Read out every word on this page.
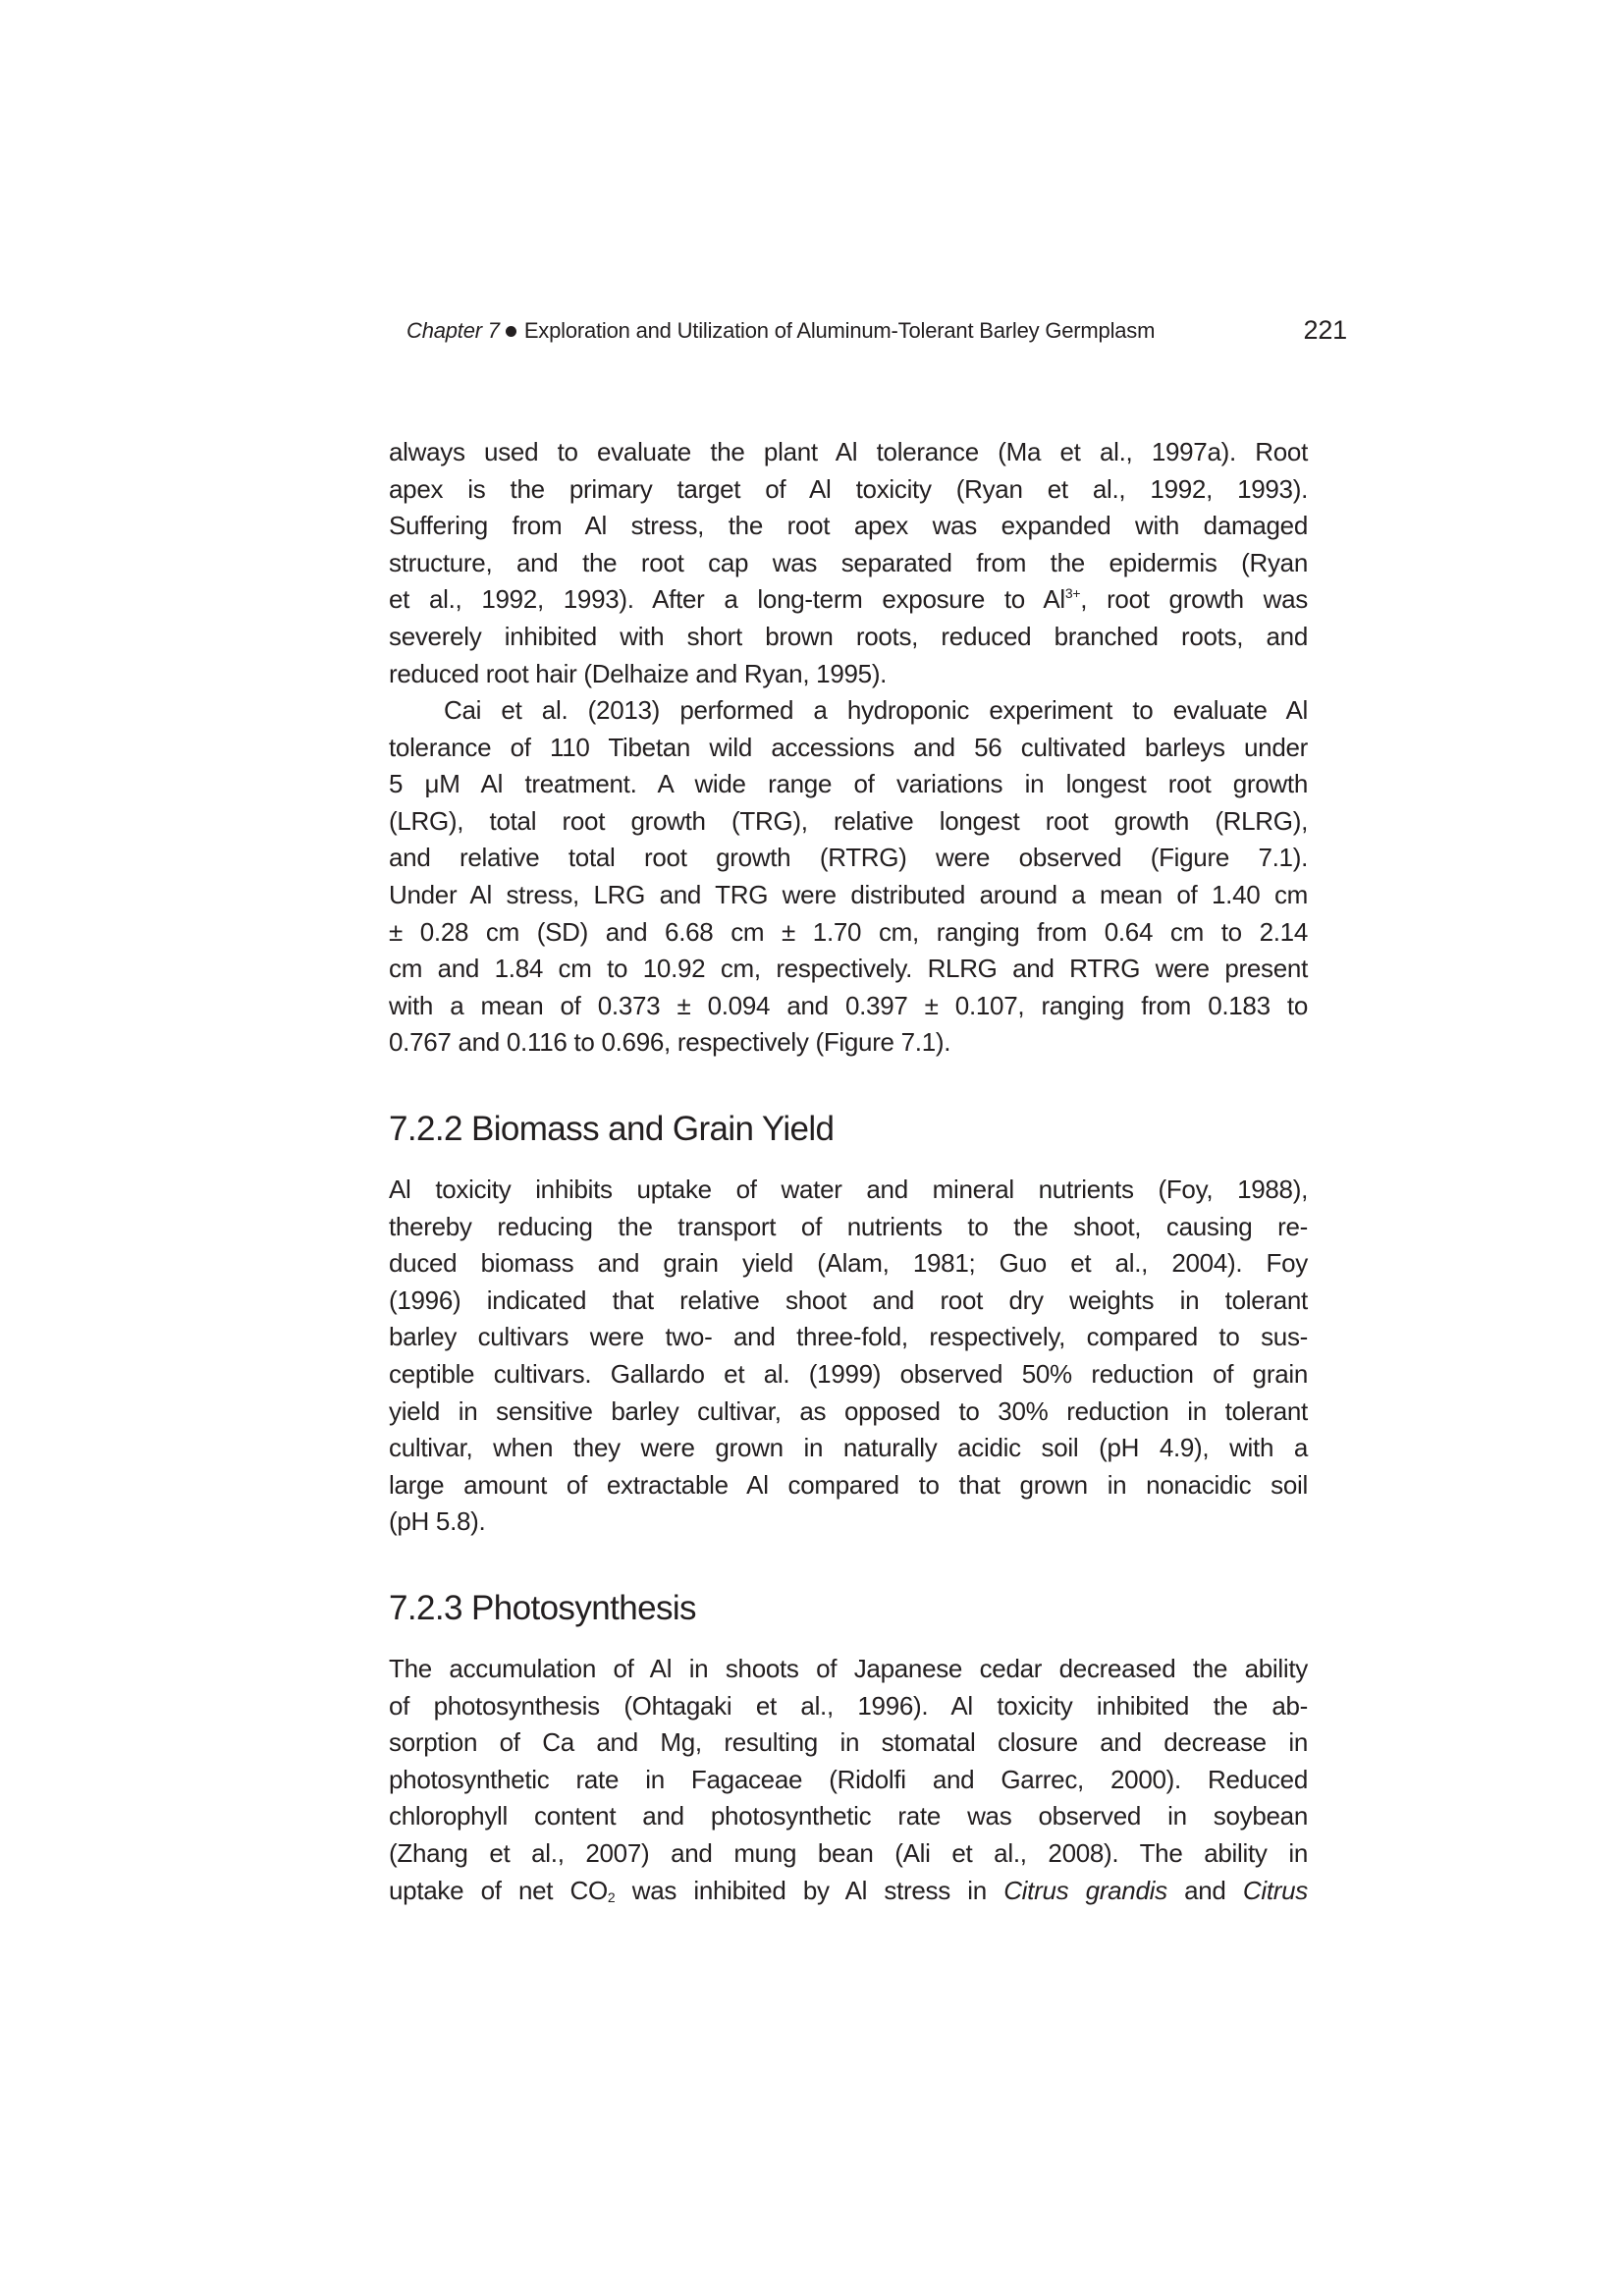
Chapter 7 Exploration and Utilization of Aluminum-Tolerant Barley Germplasm	221
always used to evaluate the plant Al tolerance (Ma et al., 1997a). Root
apex is the primary target of Al toxicity (Ryan et al., 1992, 1993).
Suffering from Al stress, the root apex was expanded with damaged
structure, and the root cap was separated from the epidermis (Ryan
et al., 1992, 1993). After a long-term exposure to $Al^{3+}$, root growth was
severely inhibited with short brown roots, reduced branched roots, and
reduced root hair (Delhaize and Ryan, 1995).
Cai et al. (2013) performed a hydroponic experiment to evaluate Al
tolerance of 110 Tibetan wild accessions and 56 cultivated barleys under
5 μM Al treatment. A wide range of variations in longest root growth
(LRG), total root growth (TRG), relative longest root growth (RLRG),
and relative total root growth (RTRG) were observed (Figure 7.1).
Under Al stress, LRG and TRG were distributed around a mean of 1.40 cm
± 0.28 cm (SD) and 6.68 cm ± 1.70 cm, ranging from 0.64 cm to 2.14
cm and 1.84 cm to 10.92 cm, respectively. RLRG and RTRG were present
with a mean of 0.373 ± 0.094 and 0.397 ± 0.107, ranging from 0.183 to
0.767 and 0.116 to 0.696, respectively (Figure 7.1).
7.2.2 Biomass and Grain Yield
Al toxicity inhibits uptake of water and mineral nutrients (Foy, 1988),
thereby reducing the transport of nutrients to the shoot, causing re-
duced biomass and grain yield (Alam, 1981; Guo et al., 2004). Foy
(1996) indicated that relative shoot and root dry weights in tolerant
barley cultivars were two- and three-fold, respectively, compared to sus-
ceptible cultivars. Gallardo et al. (1999) observed 50% reduction of grain
yield in sensitive barley cultivar, as opposed to 30% reduction in tolerant
cultivar, when they were grown in naturally acidic soil (pH 4.9), with a
large amount of extractable Al compared to that grown in nonacidic soil
(pH 5.8).
7.2.3 Photosynthesis
The accumulation of Al in shoots of Japanese cedar decreased the ability
of photosynthesis (Ohtagaki et al., 1996). Al toxicity inhibited the ab-
sorption of Ca and Mg, resulting in stomatal closure and decrease in
photosynthetic rate in Fagaceae (Ridolfi and Garrec, 2000). Reduced
chlorophyll content and photosynthetic rate was observed in soybean
(Zhang et al., 2007) and mung bean (Ali et al., 2008). The ability in
uptake of net $CO_2$ was inhibited by Al stress in Citrus grandis and Citrus
